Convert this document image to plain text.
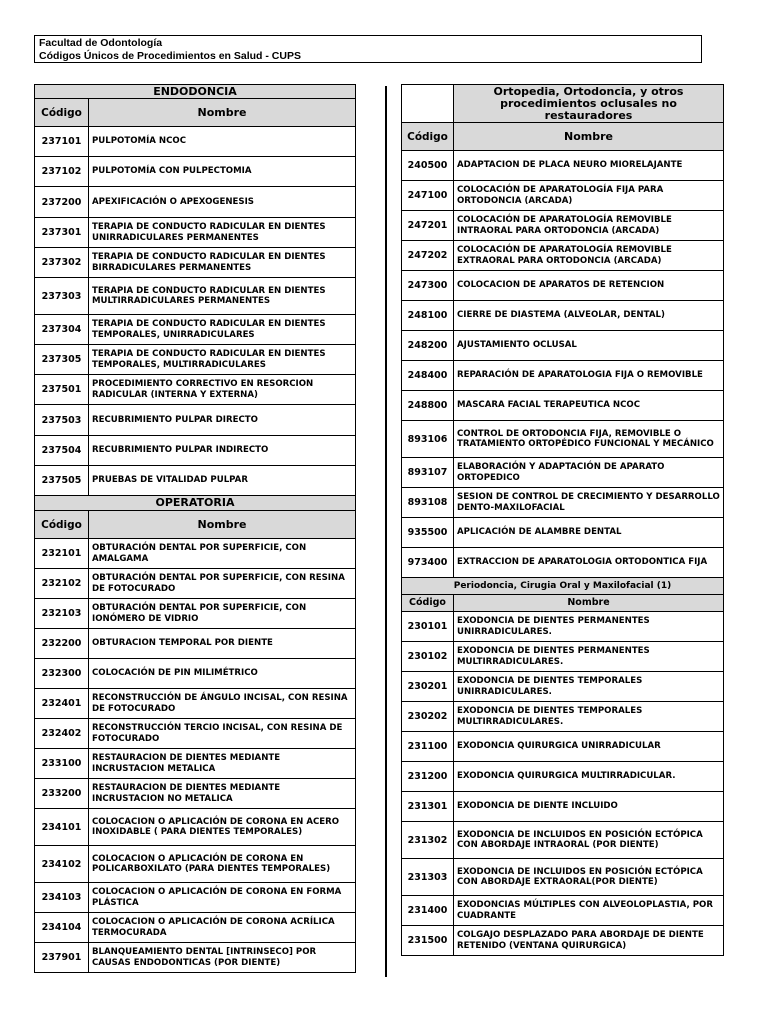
Facultad de Odontología
Códigos Únicos de Procedimientos en Salud - CUPS
ENDODONCIA	
Código	Nombre
237101	PULPOTOMÍA NCOC
237102	PULPOTOMÍA CON PULPECTOMIA
237200	APEXIFICACIÓN O APEXOGENESIS
237301	TERAPIA DE CONDUCTO RADICULAR EN DIENTES UNIRRADICULARES PERMANENTES
237302	TERAPIA DE CONDUCTO RADICULAR EN DIENTES BIRRADICULARES PERMANENTES
237303	TERAPIA DE CONDUCTO RADICULAR EN DIENTES MULTIRRADICULARES PERMANENTES
237304	TERAPIA DE CONDUCTO RADICULAR EN DIENTES TEMPORALES, UNIRRADICULARES
237305	TERAPIA DE CONDUCTO RADICULAR EN DIENTES TEMPORALES, MULTIRRADICULARES
237501	PROCEDIMIENTO CORRECTIVO EN RESORCION RADICULAR (INTERNA Y EXTERNA)
237503	RECUBRIMIENTO PULPAR DIRECTO
237504	RECUBRIMIENTO PULPAR INDIRECTO
237505	PRUEBAS DE VITALIDAD PULPAR
OPERATORIA	
Código	Nombre
232101	OBTURACIÓN DENTAL POR SUPERFICIE, CON AMALGAMA
232102	OBTURACIÓN DENTAL POR SUPERFICIE, CON RESINA DE FOTOCURADO
232103	OBTURACIÓN DENTAL POR SUPERFICIE, CON IONÓMERO DE VIDRIO
232200	OBTURACION TEMPORAL POR DIENTE
232300	COLOCACIÓN DE PIN MILIMÉTRICO
232401	RECONSTRUCCIÓN DE ÁNGULO INCISAL, CON RESINA DE FOTOCURADO
232402	RECONSTRUCCIÓN TERCIO INCISAL, CON RESINA DE FOTOCURADO
233100	RESTAURACION DE DIENTES MEDIANTE INCRUSTACION METALICA
233200	RESTAURACION DE DIENTES MEDIANTE INCRUSTACION NO METALICA
234101	COLOCACION O APLICACIÓN DE CORONA EN ACERO INOXIDABLE ( PARA DIENTES TEMPORALES)
234102	COLOCACION O APLICACIÓN DE CORONA EN POLICARBOXILATO (PARA DIENTES TEMPORALES)
234103	COLOCACION O APLICACIÓN DE CORONA EN FORMA PLÁSTICA
234104	COLOCACION O APLICACIÓN DE CORONA ACRÍLICA TERMOCURADA
237901	BLANQUEAMIENTO DENTAL [INTRINSECO] POR CAUSAS ENDODONTICAS (POR DIENTE)
	Ortopedia, Ortodoncia, y otros procedimientos oclusales no restauradores
Código	Nombre
240500	ADAPTACION DE PLACA NEURO MIORELAJANTE
247100	COLOCACIÓN DE APARATOLOGÍA FIJA PARA ORTODONCIA (ARCADA)
247201	COLOCACIÓN DE APARATOLOGÍA REMOVIBLE INTRAORAL PARA ORTODONCIA (ARCADA)
247202	COLOCACIÓN DE APARATOLOGÍA REMOVIBLE EXTRAORAL PARA ORTODONCIA (ARCADA)
247300	COLOCACION DE APARATOS DE RETENCION
248100	CIERRE DE DIASTEMA (ALVEOLAR, DENTAL)
248200	AJUSTAMIENTO OCLUSAL
248400	REPARACIÓN DE APARATOLOGIA FIJA O REMOVIBLE
248800	MASCARA FACIAL TERAPEUTICA NCOC
893106	CONTROL DE ORTODONCIA FIJA, REMOVIBLE O TRATAMIENTO ORTOPÉDICO FUNCIONAL Y MECÁNICO
893107	ELABORACIÓN Y ADAPTACIÓN DE APARATO ORTOPEDICO
893108	SESION DE CONTROL DE CRECIMIENTO Y DESARROLLO DENTO-MAXILOFACIAL
935500	APLICACIÓN DE ALAMBRE DENTAL
973400	EXTRACCION DE APARATOLOGIA ORTODONTICA FIJA
Periodoncia, Cirugia Oral y Maxilofacial (1)	
Código	Nombre
230101	EXODONCIA DE DIENTES PERMANENTES UNIRRADICULARES.
230102	EXODONCIA DE DIENTES PERMANENTES MULTIRRADICULARES.
230201	EXODONCIA DE DIENTES TEMPORALES UNIRRADICULARES.
230202	EXODONCIA DE DIENTES TEMPORALES MULTIRRADICULARES.
231100	EXODONCIA QUIRURGICA UNIRRADICULAR
231200	EXODONCIA QUIRURGICA MULTIRRADICULAR.
231301	EXODONCIA DE DIENTE INCLUIDO
231302	EXODONCIA DE INCLUIDOS EN POSICIÓN ECTÓPICA CON ABORDAJE INTRAORAL (POR DIENTE)
231303	EXODONCIA DE INCLUIDOS EN POSICIÓN ECTÓPICA CON ABORDAJE EXTRAORAL(POR DIENTE)
231400	EXODONCIAS MÚLTIPLES CON ALVEOLOPLASTIA, POR CUADRANTE
231500	COLGAJO DESPLAZADO PARA ABORDAJE DE DIENTE RETENIDO (VENTANA QUIRURGICA)
